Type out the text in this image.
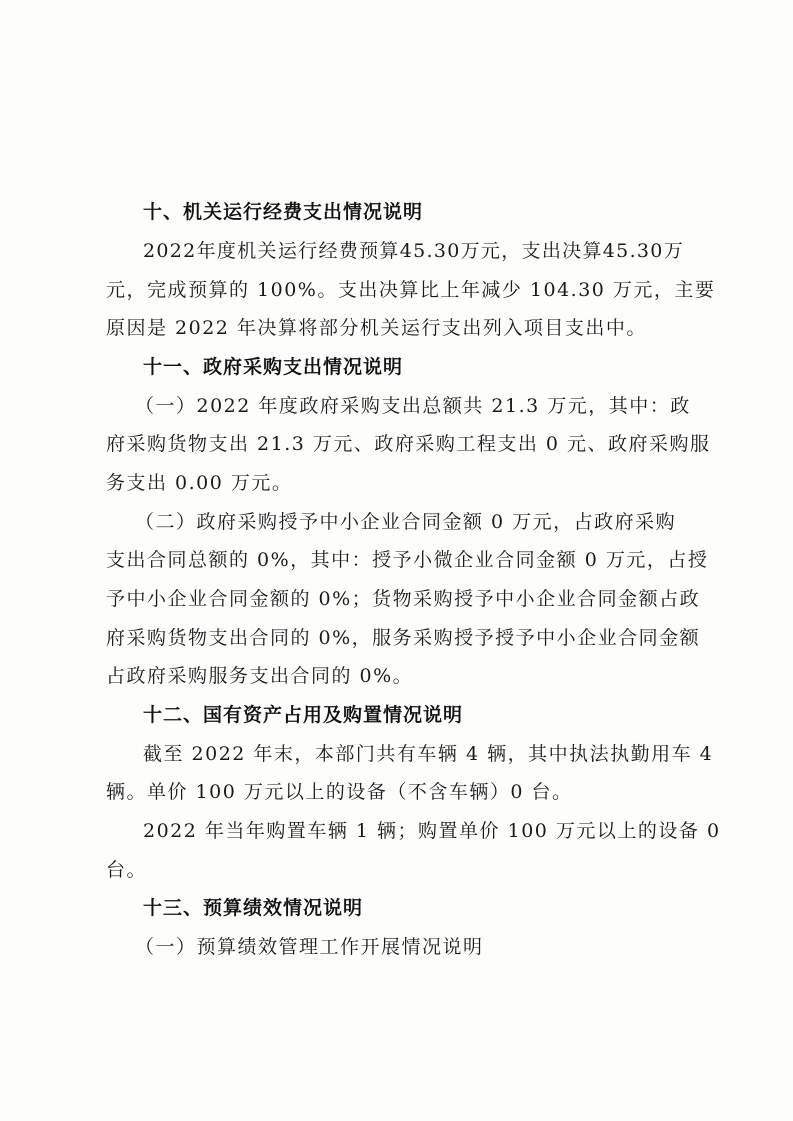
十、机关运行经费支出情况说明
2 0 2 2 年 度 机 关 运 行 经 费 预 算 4 5 . 3 0 万 元 ， 支 出 决 算 4 5 . 3 0 万
元，完成预算的 100%。支出决算比上年减少 104.30 万元，主要
原因是 2022 年决算将部分机关运行支出列入项目支出中。
十一、政府采购支出情况说明
（一）2022 年度政府采购支出总额共 21.3 万元，其中：政
府采购货物支出 21.3 万元、政府采购工程支出 0 元、政府采购服
务支出 0.00 万元。
（二）政府采购授予中小企业合同金额 0 万元，占政府采购
支出合同总额的 0%，其中：授予小微企业合同金额 0 万元，占授
予中小企业合同金额的 0%；货物采购授予中小企业合同金额占政
府采购货物支出合同的 0%，服务采购授予授予中小企业合同金额
占政府采购服务支出合同的 0%。
十二、国有资产占用及购置情况说明
截至 2022 年末，本部门共有车辆 4 辆，其中执法执勤用车 4
辆。单价 100 万元以上的设备（不含车辆）0 台。
2022 年当年购置车辆 1 辆；购置单价 100 万元以上的设备 0
台。
十三、预算绩效情况说明
（一）预算绩效管理工作开展情况说明
